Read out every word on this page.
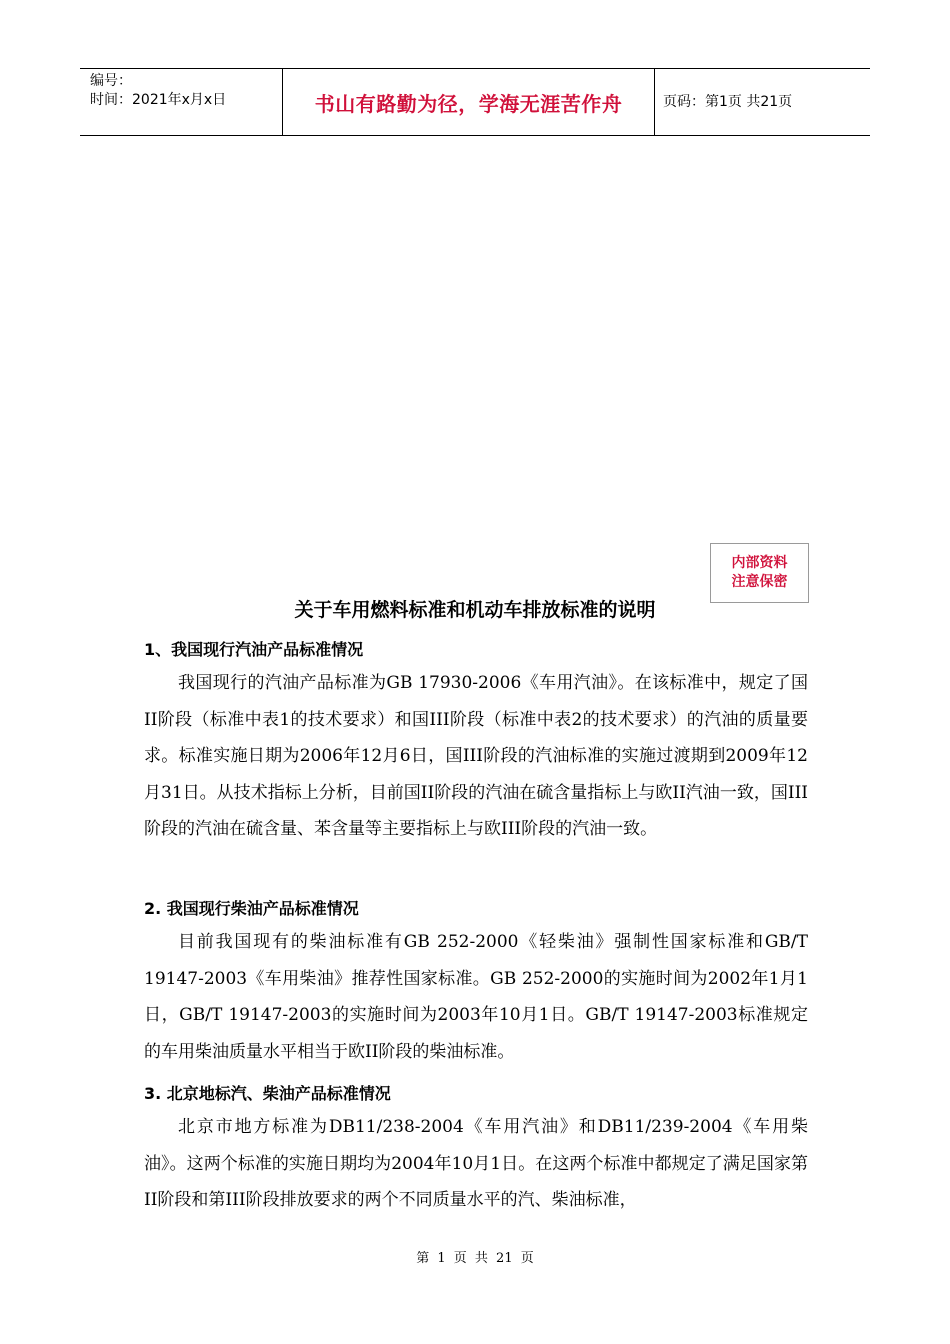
编号：
时间：2021年x月x日	书山有路勤为径，学海无涯苦作舟	页码：第1页 共21页
内部资料
注意保密
关于车用燃料标准和机动车排放标准的说明
1、我国现行汽油产品标准情况
我国现行的汽油产品标准为GB 17930-2006《车用汽油》。在该标准中，规定了国II阶段（标准中表1的技术要求）和国III阶段（标准中表2的技术要求）的汽油的质量要求。标准实施日期为2006年12月6日，国III阶段的汽油标准的实施过渡期到2009年12月31日。从技术指标上分析，目前国II阶段的汽油在硫含量指标上与欧II汽油一致，国III阶段的汽油在硫含量、苯含量等主要指标上与欧III阶段的汽油一致。
2. 我国现行柴油产品标准情况
目前我国现有的柴油标准有GB 252-2000《轻柴油》强制性国家标准和GB/T 19147-2003《车用柴油》推荐性国家标准。GB 252-2000的实施时间为2002年1月1日，GB/T 19147-2003的实施时间为2003年10月1日。GB/T 19147-2003标准规定的车用柴油质量水平相当于欧II阶段的柴油标准。
3. 北京地标汽、柴油产品标准情况
北京市地方标准为DB11/238-2004《车用汽油》和DB11/239-2004《车用柴油》。这两个标准的实施日期均为2004年10月1日。在这两个标准中都规定了满足国家第II阶段和第III阶段排放要求的两个不同质量水平的汽、柴油标准，
第 1 页 共 21 页
